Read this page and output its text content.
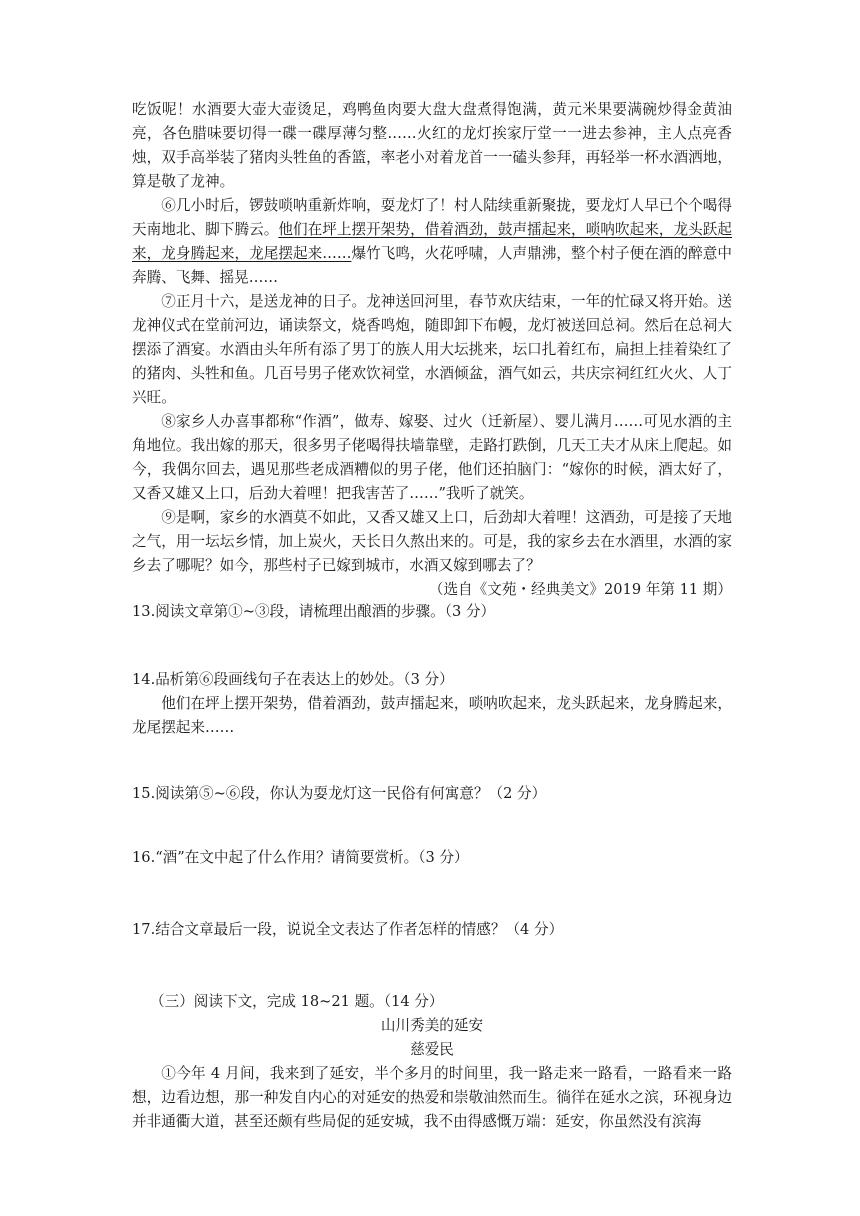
吃饭呢！水酒要大壶大壶烫足，鸡鸭鱼肉要大盘大盘煮得饱满，黄元米果要满碗炒得金黄油亮，各色腊味要切得一碟一碟厚薄匀整……火红的龙灯挨家厅堂一一进去参神，主人点亮香烛，双手高举装了猪肉头牲鱼的香篮，率老小对着龙首一一磕头参拜，再轻举一杯水酒洒地，算是敬了龙神。

⑥几小时后，锣鼓唢呐重新炸响，耍龙灯了！村人陆续重新聚拢，要龙灯人早已个个喝得天南地北、脚下腾云。他们在坪上摆开架势，借着酒劲，鼓声擂起来，唢呐吹起来，龙头跃起来，龙身腾起来，龙尾摆起来……爆竹飞鸣，火花呼啸，人声鼎沸，整个村子便在酒的醉意中奔腾、飞舞、摇晃……

⑦正月十六，是送龙神的日子。龙神送回河里，春节欢庆结束，一年的忙碌又将开始。送龙神仪式在堂前河边，诵读祭文，烧香鸣炮，随即卸下布幔，龙灯被送回总祠。然后在总祠大摆添了酒宴。水酒由头年所有添了男丁的族人用大坛挑来，坛口扎着红布，扁担上挂着染红了的猪肉、头牲和鱼。几百号男子佬欢饮祠堂，水酒倾盆，酒气如云，共庆宗祠红红火火、人丁兴旺。

⑧家乡人办喜事都称“作酒”，做寿、嫁娶、过火（迁新屋）、婴儿满月……可见水酒的主角地位。我出嫁的那天，很多男子佬喝得扶墙靠壁，走路打跌倒，几天工夫才从床上爬起。如今，我偶尔回去，遇见那些老成酒糟似的男子佬，他们还拍脑门：“嫁你的时候，酒太好了，又香又雄又上口，后劲大着哩！把我害苦了……”我听了就笑。

⑨是啊，家乡的水酒莫不如此，又香又雄又上口，后劲却大着哩！这酒劲，可是接了天地之气，用一坛坛乡情，加上炭火，天长日久熬出来的。可是，我的家乡去在水酒里，水酒的家乡去了哪呢？如今，那些村子已嫁到城市，水酒又嫁到哪去了？

（选自《文苑・经典美文》2019 年第 11 期）

13.阅读文章第①~③段，请梳理出酿酒的步骤。（3 分）

14.品析第⑥段画线句子在表达上的妙处。（3 分）

他们在坪上摆开架势，借着酒劲，鼓声擂起来，唢呐吹起来，龙头跃起来，龙身腾起来，龙尾摆起来……

15.阅读第⑤~⑥段，你认为耍龙灯这一民俗有何寓意？（2 分）

16.“酒”在文中起了什么作用？请简要赏析。（3 分）

17.结合文章最后一段，说说全文表达了作者怎样的情感？（4 分）

（三）阅读下文，完成 18~21 题。（14 分）

山川秀美的延安

慈爱民

①今年 4 月间，我来到了延安，半个多月的时间里，我一路走来一路看，一路看来一路想，边看边想，那一种发自内心的对延安的热爱和崇敬油然而生。徜徉在延水之滨，环视身边并非通衢大道，甚至还颇有些局促的延安城，我不由得感慨万端：延安，你虽然没有滨海
